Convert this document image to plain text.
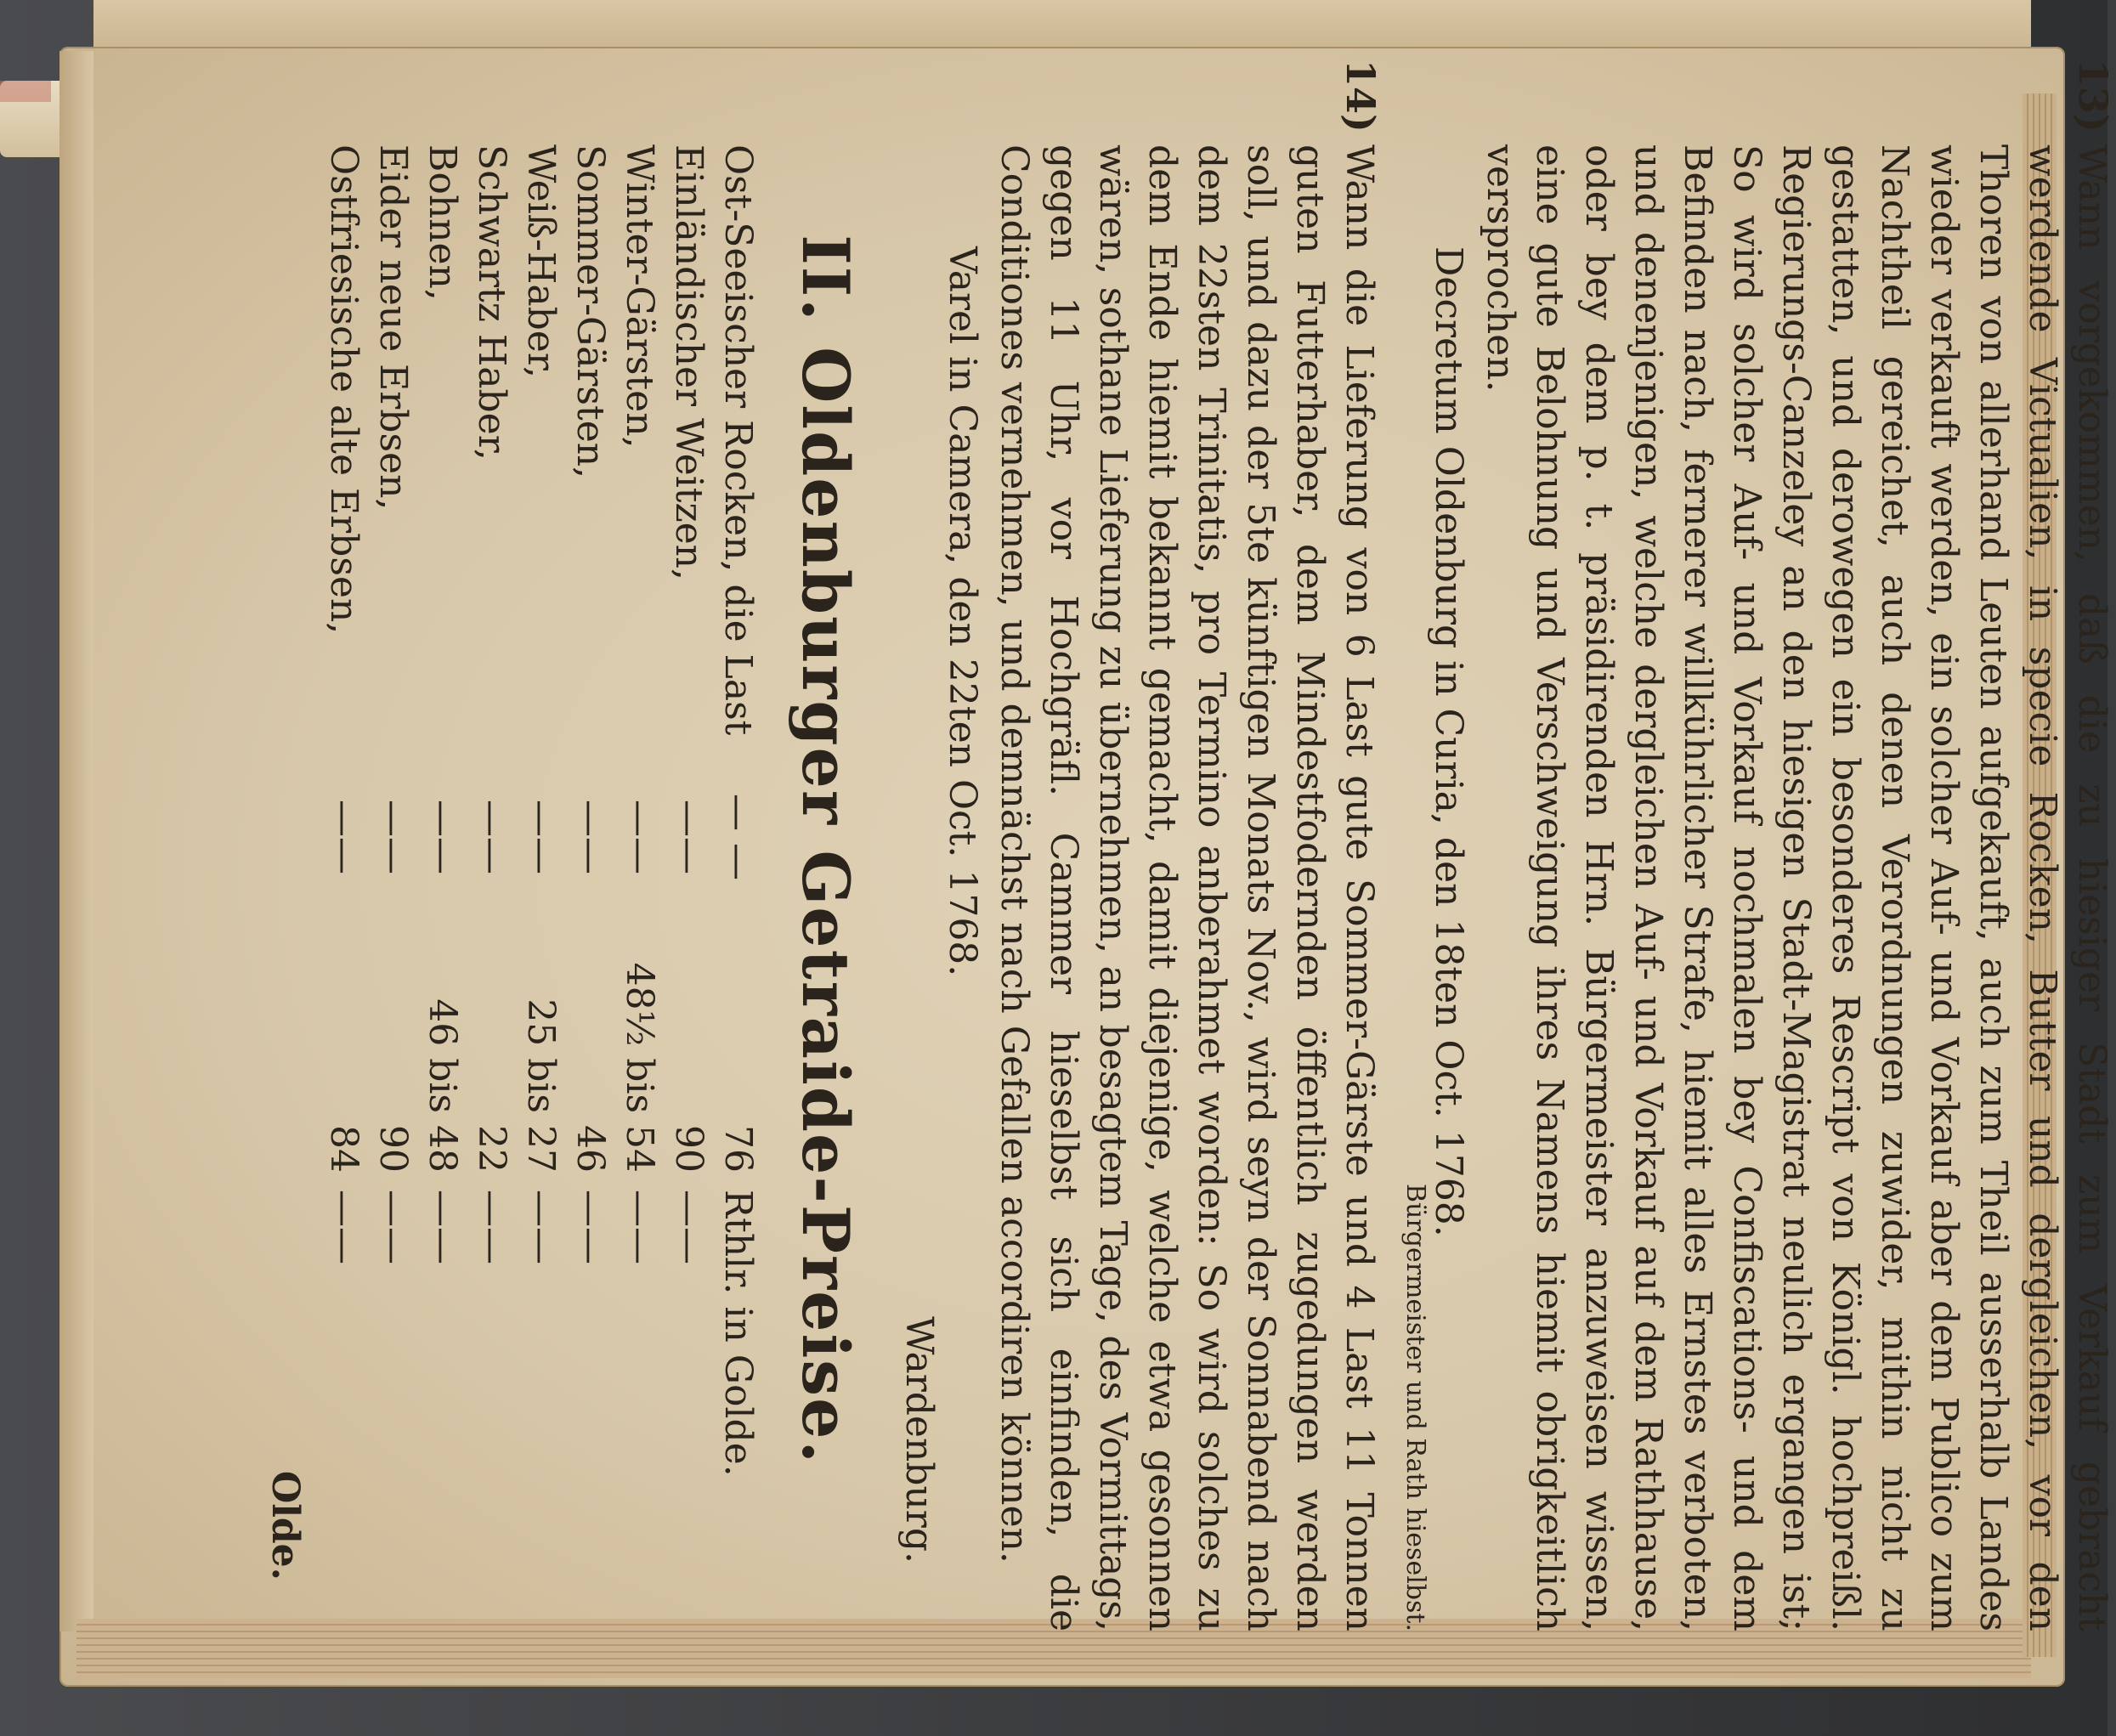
13)

Wann vorgekommen, daß die zu hiesiger Stadt zum Verkauf gebracht werdende Victualien, in specie Rocken, Butter und dergleichen, vor den Thoren von allerhand Leuten aufgekauft, auch zum Theil ausserhalb Landes wieder verkauft werden, ein solcher Auf- und Vorkauf aber dem Publico zum Nachtheil gereichet, auch denen Verordnungen zuwider, mithin nicht zu gestatten, und derowegen ein besonderes Rescript von Königl. hochpreißl. Regierungs-Canzeley an den hiesigen Stadt-Magistrat neulich ergangen ist; So wird solcher Auf- und Vorkauf nochmalen bey Confiscations- und dem Befinden nach, fernerer willkührlicher Strafe, hiemit alles Ernstes verboten, und denenjenigen, welche dergleichen Auf- und Vorkauf auf dem Rathhause, oder bey dem p. t. präsidirenden Hrn. Bürgermeister anzuweisen wissen, eine gute Belohnung und Verschweigung ihres Namens hiemit obrigkeitlich versprochen.

Decretum Oldenburg in Curia, den 18ten Oct. 1768.
Bürgermeister und Rath hieselbst.
14)

Wann die Lieferung von 6 Last gute Sommer-Gärste und 4 Last 11 Tonnen guten Futterhaber, dem Mindestfodernden öffentlich zugedungen werden soll, und dazu der 5te künftigen Monats Nov., wird seyn der Sonnabend nach dem 22sten Trinitatis, pro Termino anberahmet worden: So wird solches zu dem Ende hiemit bekannt gemacht, damit diejenige, welche etwa gesonnen wären, sothane Lieferung zu übernehmen, an besagtem Tage, des Vormittags, gegen 11 Uhr, vor Hochgräfl. Cammer hieselbst sich einfinden, die Conditiones vernehmen, und demnächst nach Gefallen accordiren können.

Varel in Camera, den 22ten Oct. 1768.
Wardenburg.
II. Oldenburger Getraide-Preise.
Ost-Seeischer Rocken, die Last
— —
76
Rthlr. in Golde.
Einländischer Weitzen,
——
90
——
Winter-Gärsten,
——
48½ bis 54
——
Sommer-Gärsten,
——
46
——
Weiß-Haber,
——
25 bis 27
——
Schwartz Haber,
——
22
——
Bohnen,
——
46 bis 48
——
Eider neue Erbsen,
——
90
——
Ostfriesische alte Erbsen,
——
84
——
Olde.
